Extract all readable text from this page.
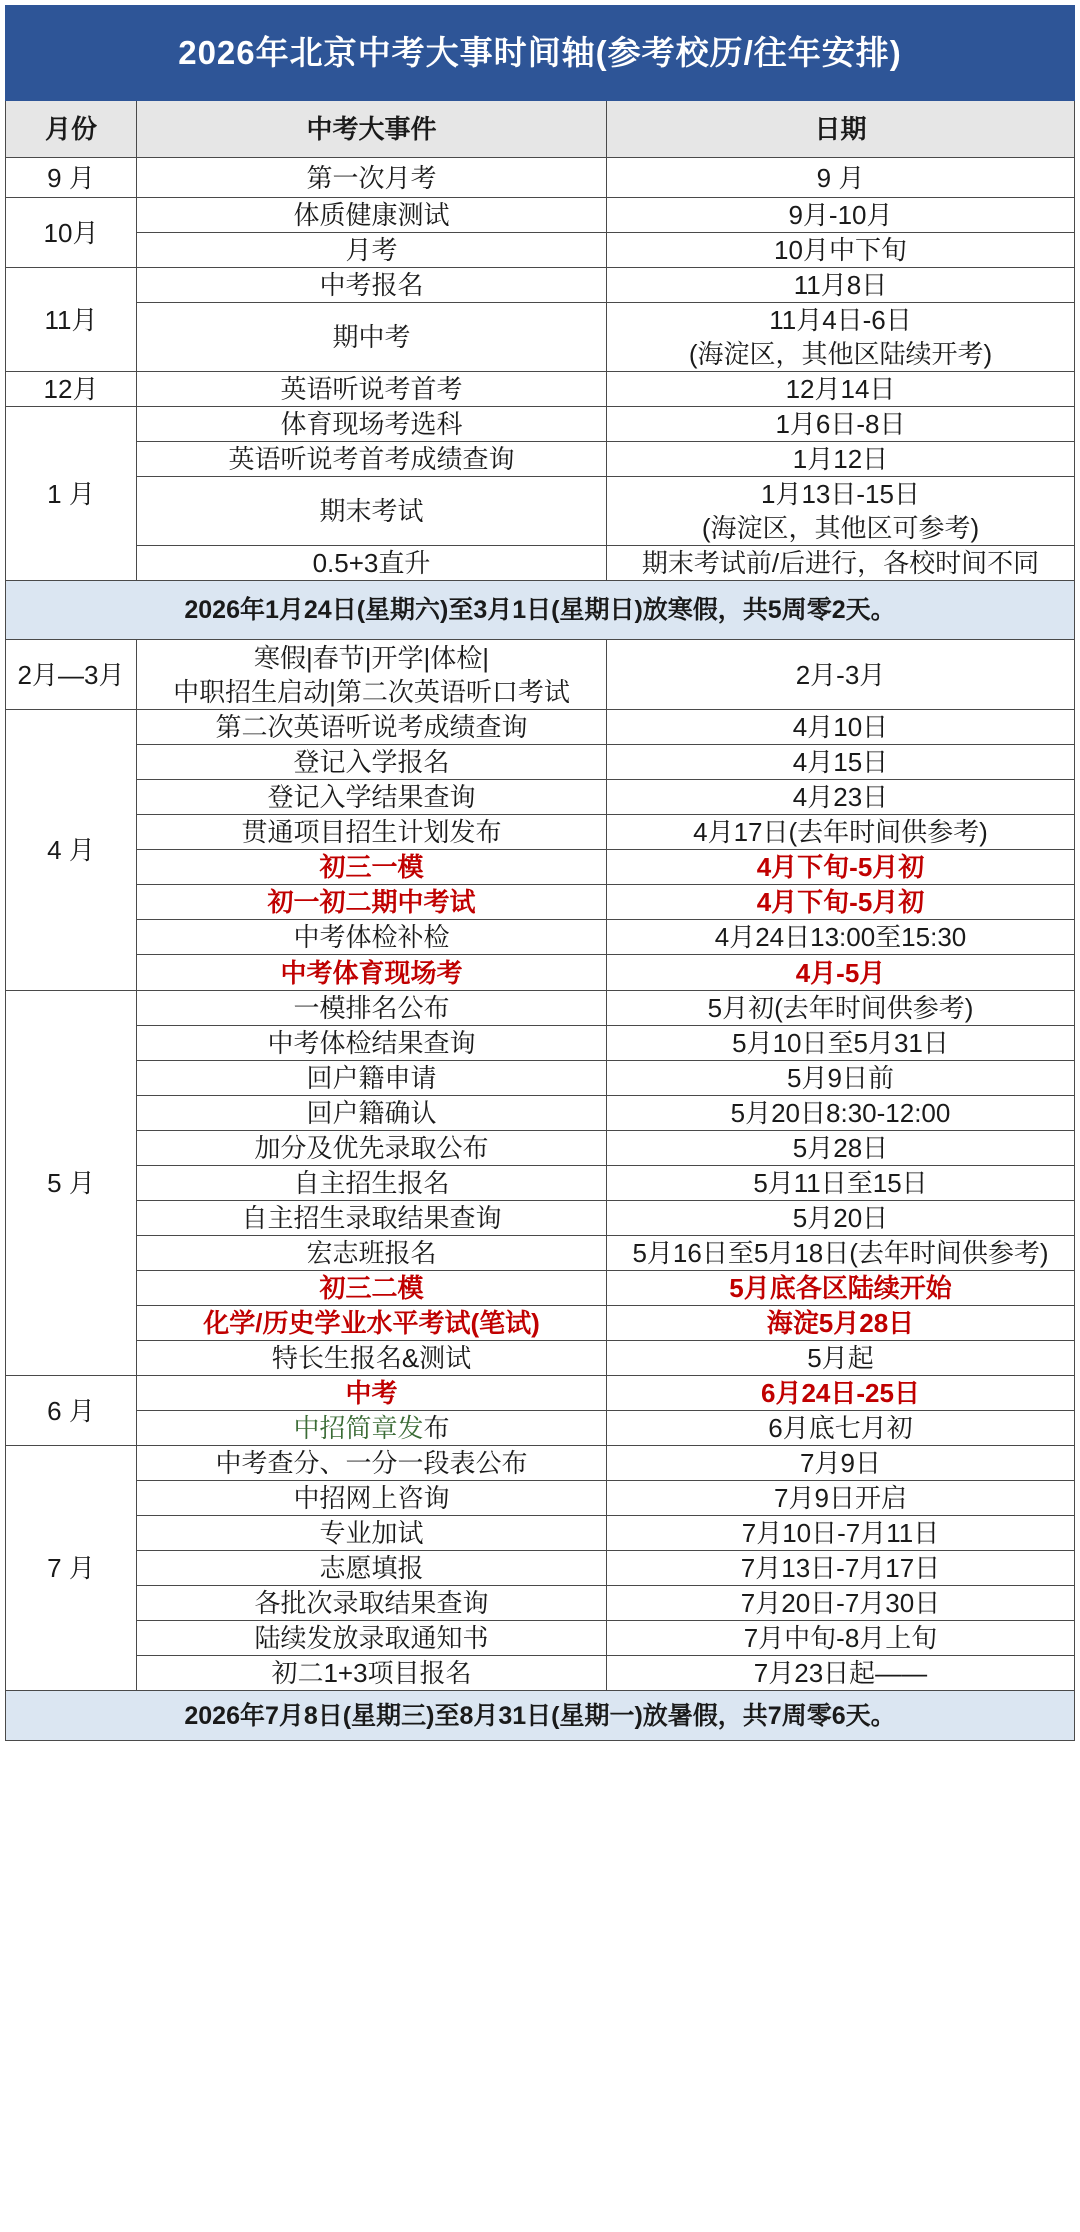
2026年北京中考大事时间轴(参考校历/往年安排)		
月份	中考大事件	日期
9 月	第一次月考	9 月

10月	体质健康测试	9月-10月

	月考	10月中下旬

11月	中考报名	11月8日

	期中考	11月4日-6日
(海淀区，其他区陆续开考)

12月	英语听说考首考	12月14日

1 月	体育现场考选科	1月6日-8日

	英语听说考首考成绩查询	1月12日

	期末考试	1月13日-15日
(海淀区，其他区可参考)

	0.5+3直升	期末考试前/后进行，各校时间不同

2026年1月24日(星期六)至3月1日(星期日)放寒假，共5周零2天。		
2月—3月	寒假|春节|开学|体检|
中职招生启动|第二次英语听口考试	2月-3月

4 月	第二次英语听说考成绩查询	4月10日

	登记入学报名	4月15日

	登记入学结果查询	4月23日

	贯通项目招生计划发布	4月17日(去年时间供参考)

	初三一模	4月下旬-5月初

	初一初二期中考试	4月下旬-5月初

	中考体检补检	4月24日13:00至15:30

	中考体育现场考	4月-5月

5 月	一模排名公布	5月初(去年时间供参考)

	中考体检结果查询	5月10日至5月31日

	回户籍申请	5月9日前

	回户籍确认	5月20日8:30-12:00

	加分及优先录取公布	5月28日

	自主招生报名	5月11日至15日

	自主招生录取结果查询	5月20日

	宏志班报名	5月16日至5月18日(去年时间供参考)

	初三二模	5月底各区陆续开始

	化学/历史学业水平考试(笔试)	海淀5月28日

	特长生报名&测试	5月起

6 月	中考	6月24日-25日

	中招简章发布	6月底七月初

7 月	中考查分、一分一段表公布	7月9日

	中招网上咨询	7月9日开启

	专业加试	7月10日-7月11日

	志愿填报	7月13日-7月17日

	各批次录取结果查询	7月20日-7月30日

	陆续发放录取通知书	7月中旬-8月上旬

	初二1+3项目报名	7月23日起——

2026年7月8日(星期三)至8月31日(星期一)放暑假，共7周零6天。		
